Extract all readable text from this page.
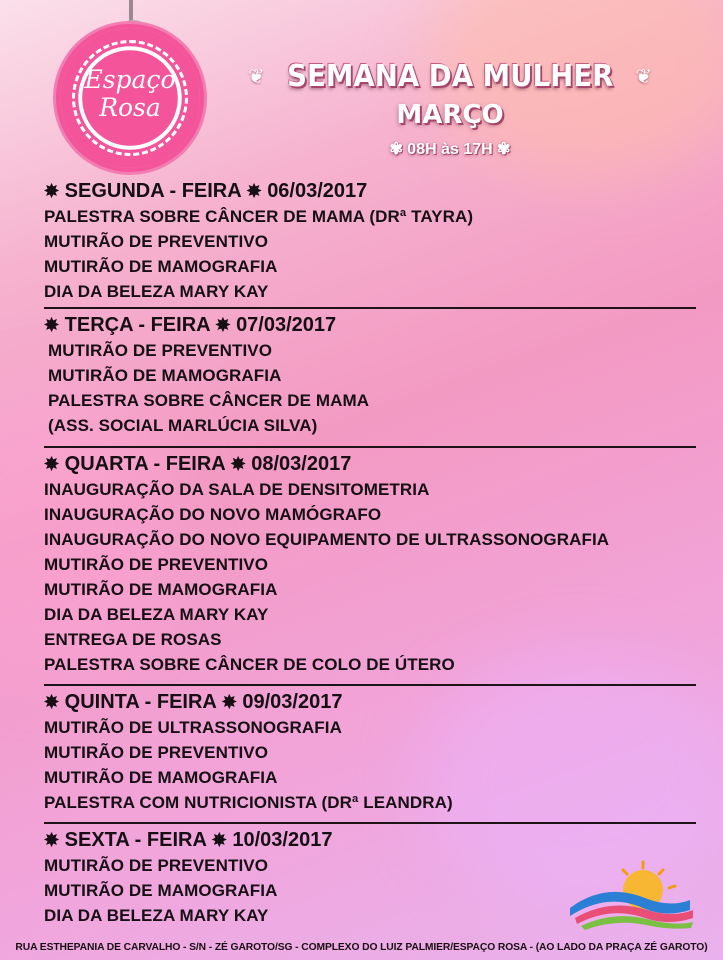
Espaço
Rosa
❦ SEMANA DA MULHER ❦
MARÇO
✾ 08H às 17H ✾
✸ SEGUNDA - FEIRA ✸ 06/03/2017
PALESTRA SOBRE CÂNCER DE MAMA (DRª TAYRA)
MUTIRÃO DE PREVENTIVO
MUTIRÃO DE MAMOGRAFIA
DIA DA BELEZA MARY KAY
✸ TERÇA - FEIRA ✸ 07/03/2017
MUTIRÃO DE PREVENTIVO
MUTIRÃO DE MAMOGRAFIA
PALESTRA SOBRE CÂNCER DE MAMA
(ASS. SOCIAL MARLÚCIA SILVA)
✸ QUARTA - FEIRA ✸ 08/03/2017
INAUGURAÇÃO DA SALA DE DENSITOMETRIA
INAUGURAÇÃO DO NOVO MAMÓGRAFO
INAUGURAÇÃO DO NOVO EQUIPAMENTO DE ULTRASSONOGRAFIA
MUTIRÃO DE PREVENTIVO
MUTIRÃO DE MAMOGRAFIA
DIA DA BELEZA MARY KAY
ENTREGA DE ROSAS
PALESTRA SOBRE CÂNCER DE COLO DE ÚTERO
✸ QUINTA - FEIRA ✸ 09/03/2017
MUTIRÃO DE ULTRASSONOGRAFIA
MUTIRÃO DE PREVENTIVO
MUTIRÃO DE MAMOGRAFIA
PALESTRA COM NUTRICIONISTA (DRª LEANDRA)
✸ SEXTA - FEIRA ✸ 10/03/2017
MUTIRÃO DE PREVENTIVO
MUTIRÃO DE MAMOGRAFIA
DIA DA BELEZA MARY KAY
RUA ESTHEPANIA DE CARVALHO - S/N - ZÉ GAROTO/SG - COMPLEXO DO LUIZ PALMIER/ESPAÇO ROSA - (AO LADO DA PRAÇA ZÉ GAROTO)
